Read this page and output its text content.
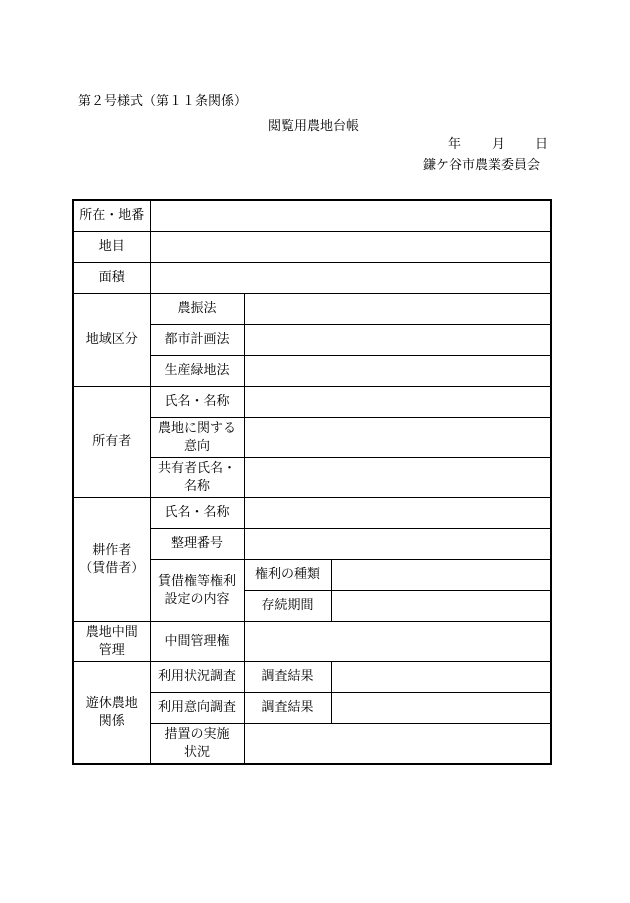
第２号様式（第１１条関係）
閲覧用農地台帳
年 月 日
鎌ケ谷市農業委員会
所在・地番			
地目			
面積			
地域区分	農振法		
	都市計画法		
	生産緑地法		
所有者	氏名・名称		
	農地に関する
意向		
	共有者氏名・
名称		
耕作者
（賃借者）	氏名・名称		
	整理番号		
	賃借権等権利
設定の内容	権利の種類	
		存続期間	
農地中間
管理	中間管理権		
遊休農地
関係	利用状況調査	調査結果	
	利用意向調査	調査結果	
	措置の実施
状況		
